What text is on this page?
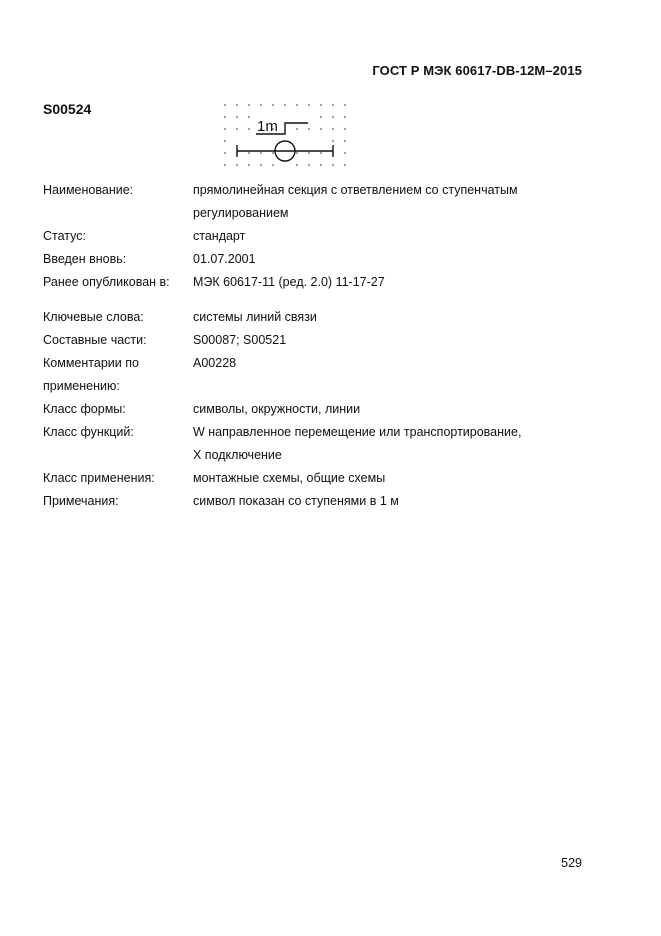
ГОСТ Р МЭК 60617-DB-12M–2015
S00524
1m
Наименование:	прямолинейная секция с ответвлением со ступенчатым
регулированием
Статус:	стандарт
Введен вновь:	01.07.2001
Ранее опубликован в:	МЭК 60617-11 (ред. 2.0) 11-17-27
Ключевые слова:	системы линий связи
Составные части:	S00087; S00521
Комментарии по
применению:
A00228
Класс формы:	символы, окружности, линии
Класс функций:	W направленное перемещение или транспортирование,
X подключение
Класс применения:	монтажные схемы, общие схемы
Примечания:	символ показан со ступенями в 1 м
529
